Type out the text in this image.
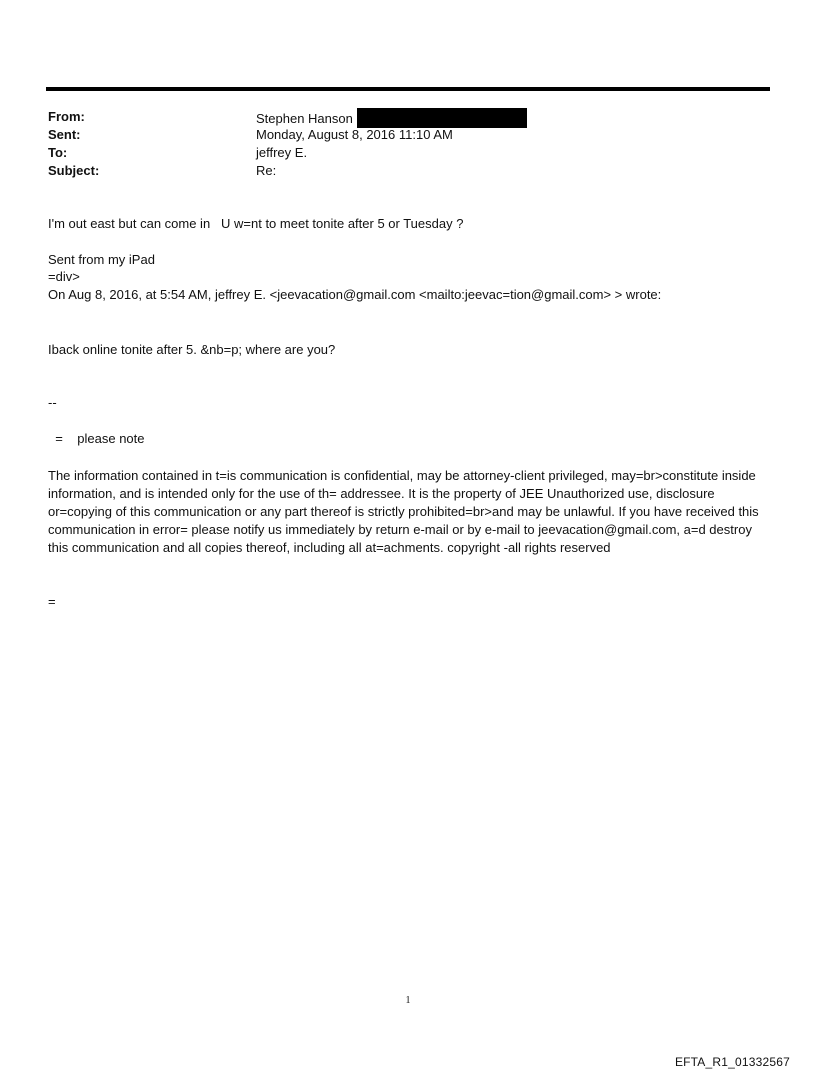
From:	Stephen Hanson
Sent:	Monday, August 8, 2016 11:10 AM
To:	jeffrey E.
Subject:	Re:
I'm out east but can come in   U w=nt to meet tonite after 5 or Tuesday ?
Sent from my iPad
=div>
On Aug 8, 2016, at 5:54 AM, jeffrey E. <jeevacation@gmail.com <mailto:jeevac=tion@gmail.com> > wrote:
Iback online tonite after 5. &nb=p; where are you?
--
=    please note
The information contained in t=is communication is confidential, may be attorney-client privileged, may=br>constitute inside information, and is intended only for the use of th= addressee. It is the property of JEE Unauthorized use, disclosure or=copying of this communication or any part thereof is strictly prohibited=br>and may be unlawful. If you have received this communication in error= please notify us immediately by return e-mail or by e-mail to jeevacation@gmail.com, a=d destroy this communication and all copies thereof, including all at=achments. copyright -all rights reserved
=
1
EFTA_R1_01332567
